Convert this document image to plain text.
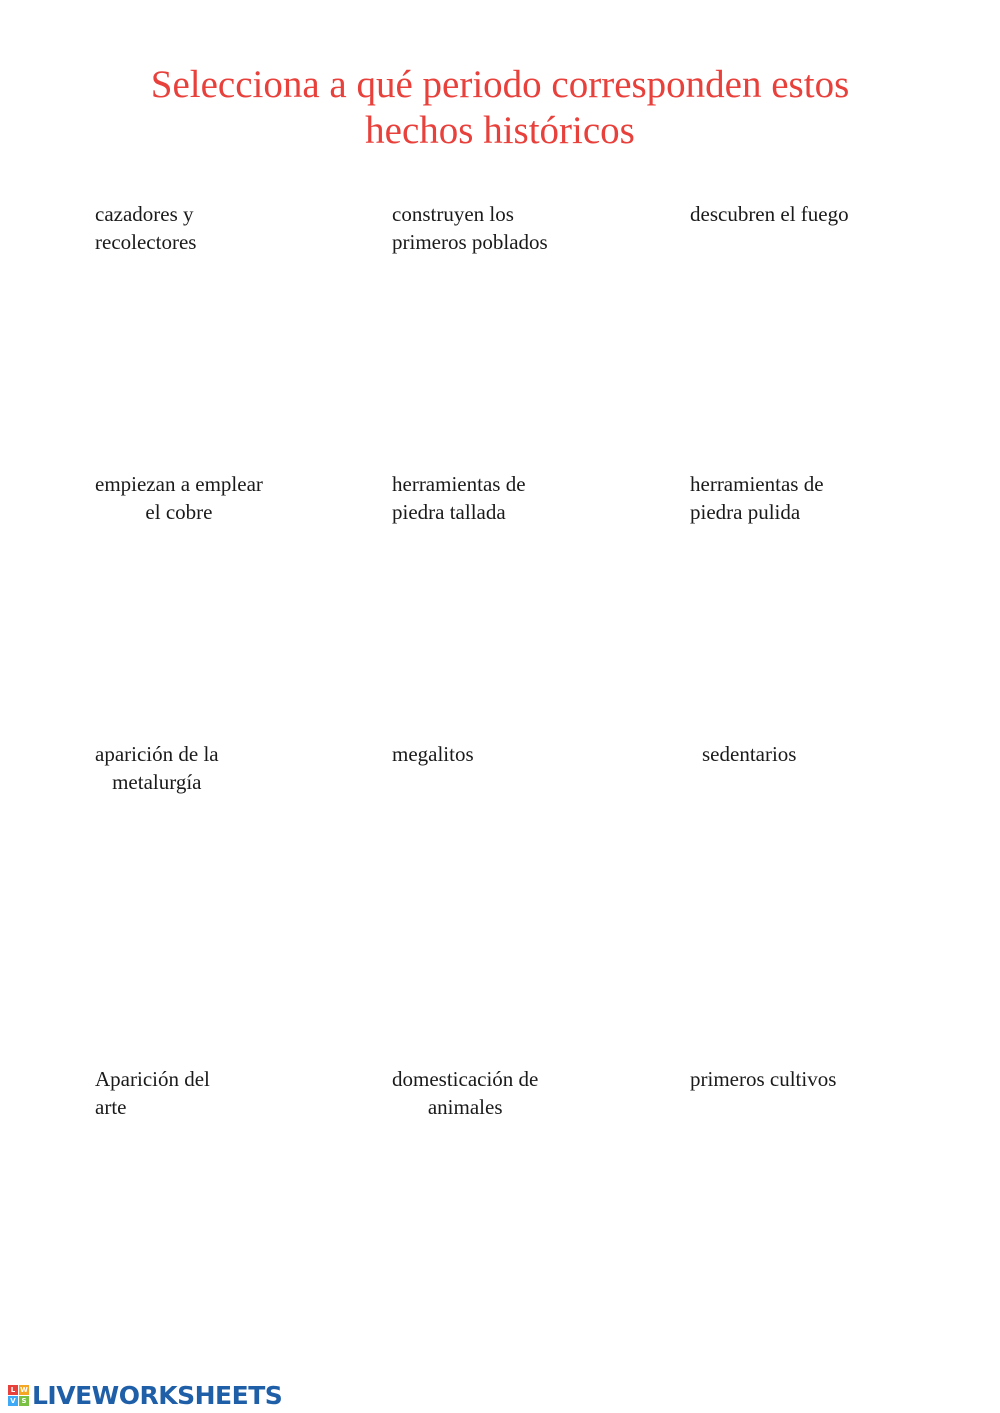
Selecciona a qué periodo corresponden estos
hechos históricos
cazadores y
recolectores
construyen los
primeros poblados
descubren el fuego
empiezan a emplear
el cobre
herramientas de
piedra tallada
herramientas de
piedra pulida
aparición de la
metalurgía
megalitos	sedentarios
Aparición del
arte
domesticación de
animales
primeros cultivos
L W
V S LIVEWORKSHEETS
